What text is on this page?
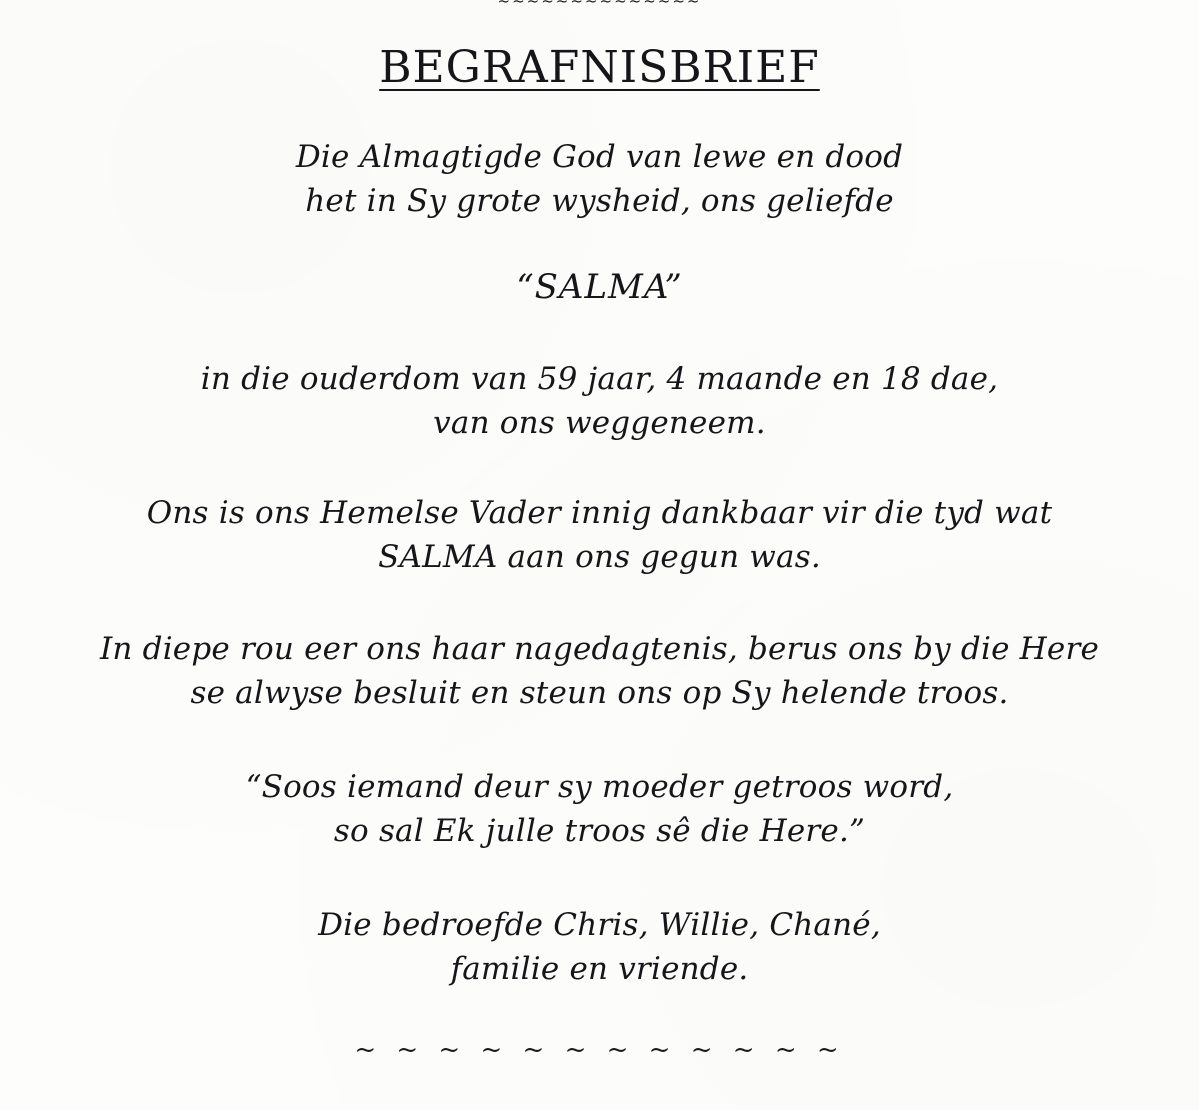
~~~~~~~~~~~~~~
BEGRAFNISBRIEF
Die Almagtigde God van lewe en dood
het in Sy grote wysheid, ons geliefde
“SALMA”
in die ouderdom van 59 jaar, 4 maande en 18 dae,
van ons weggeneem.
Ons is ons Hemelse Vader innig dankbaar vir die tyd wat
SALMA aan ons gegun was.
In diepe rou eer ons haar nagedagtenis, berus ons by die Here
se alwyse besluit en steun ons op Sy helende troos.
“Soos iemand deur sy moeder getroos word,
so sal Ek julle troos sê die Here.”
Die bedroefde Chris, Willie, Chané,
familie en vriende.
~ ~ ~ ~ ~ ~ ~ ~ ~ ~ ~ ~
